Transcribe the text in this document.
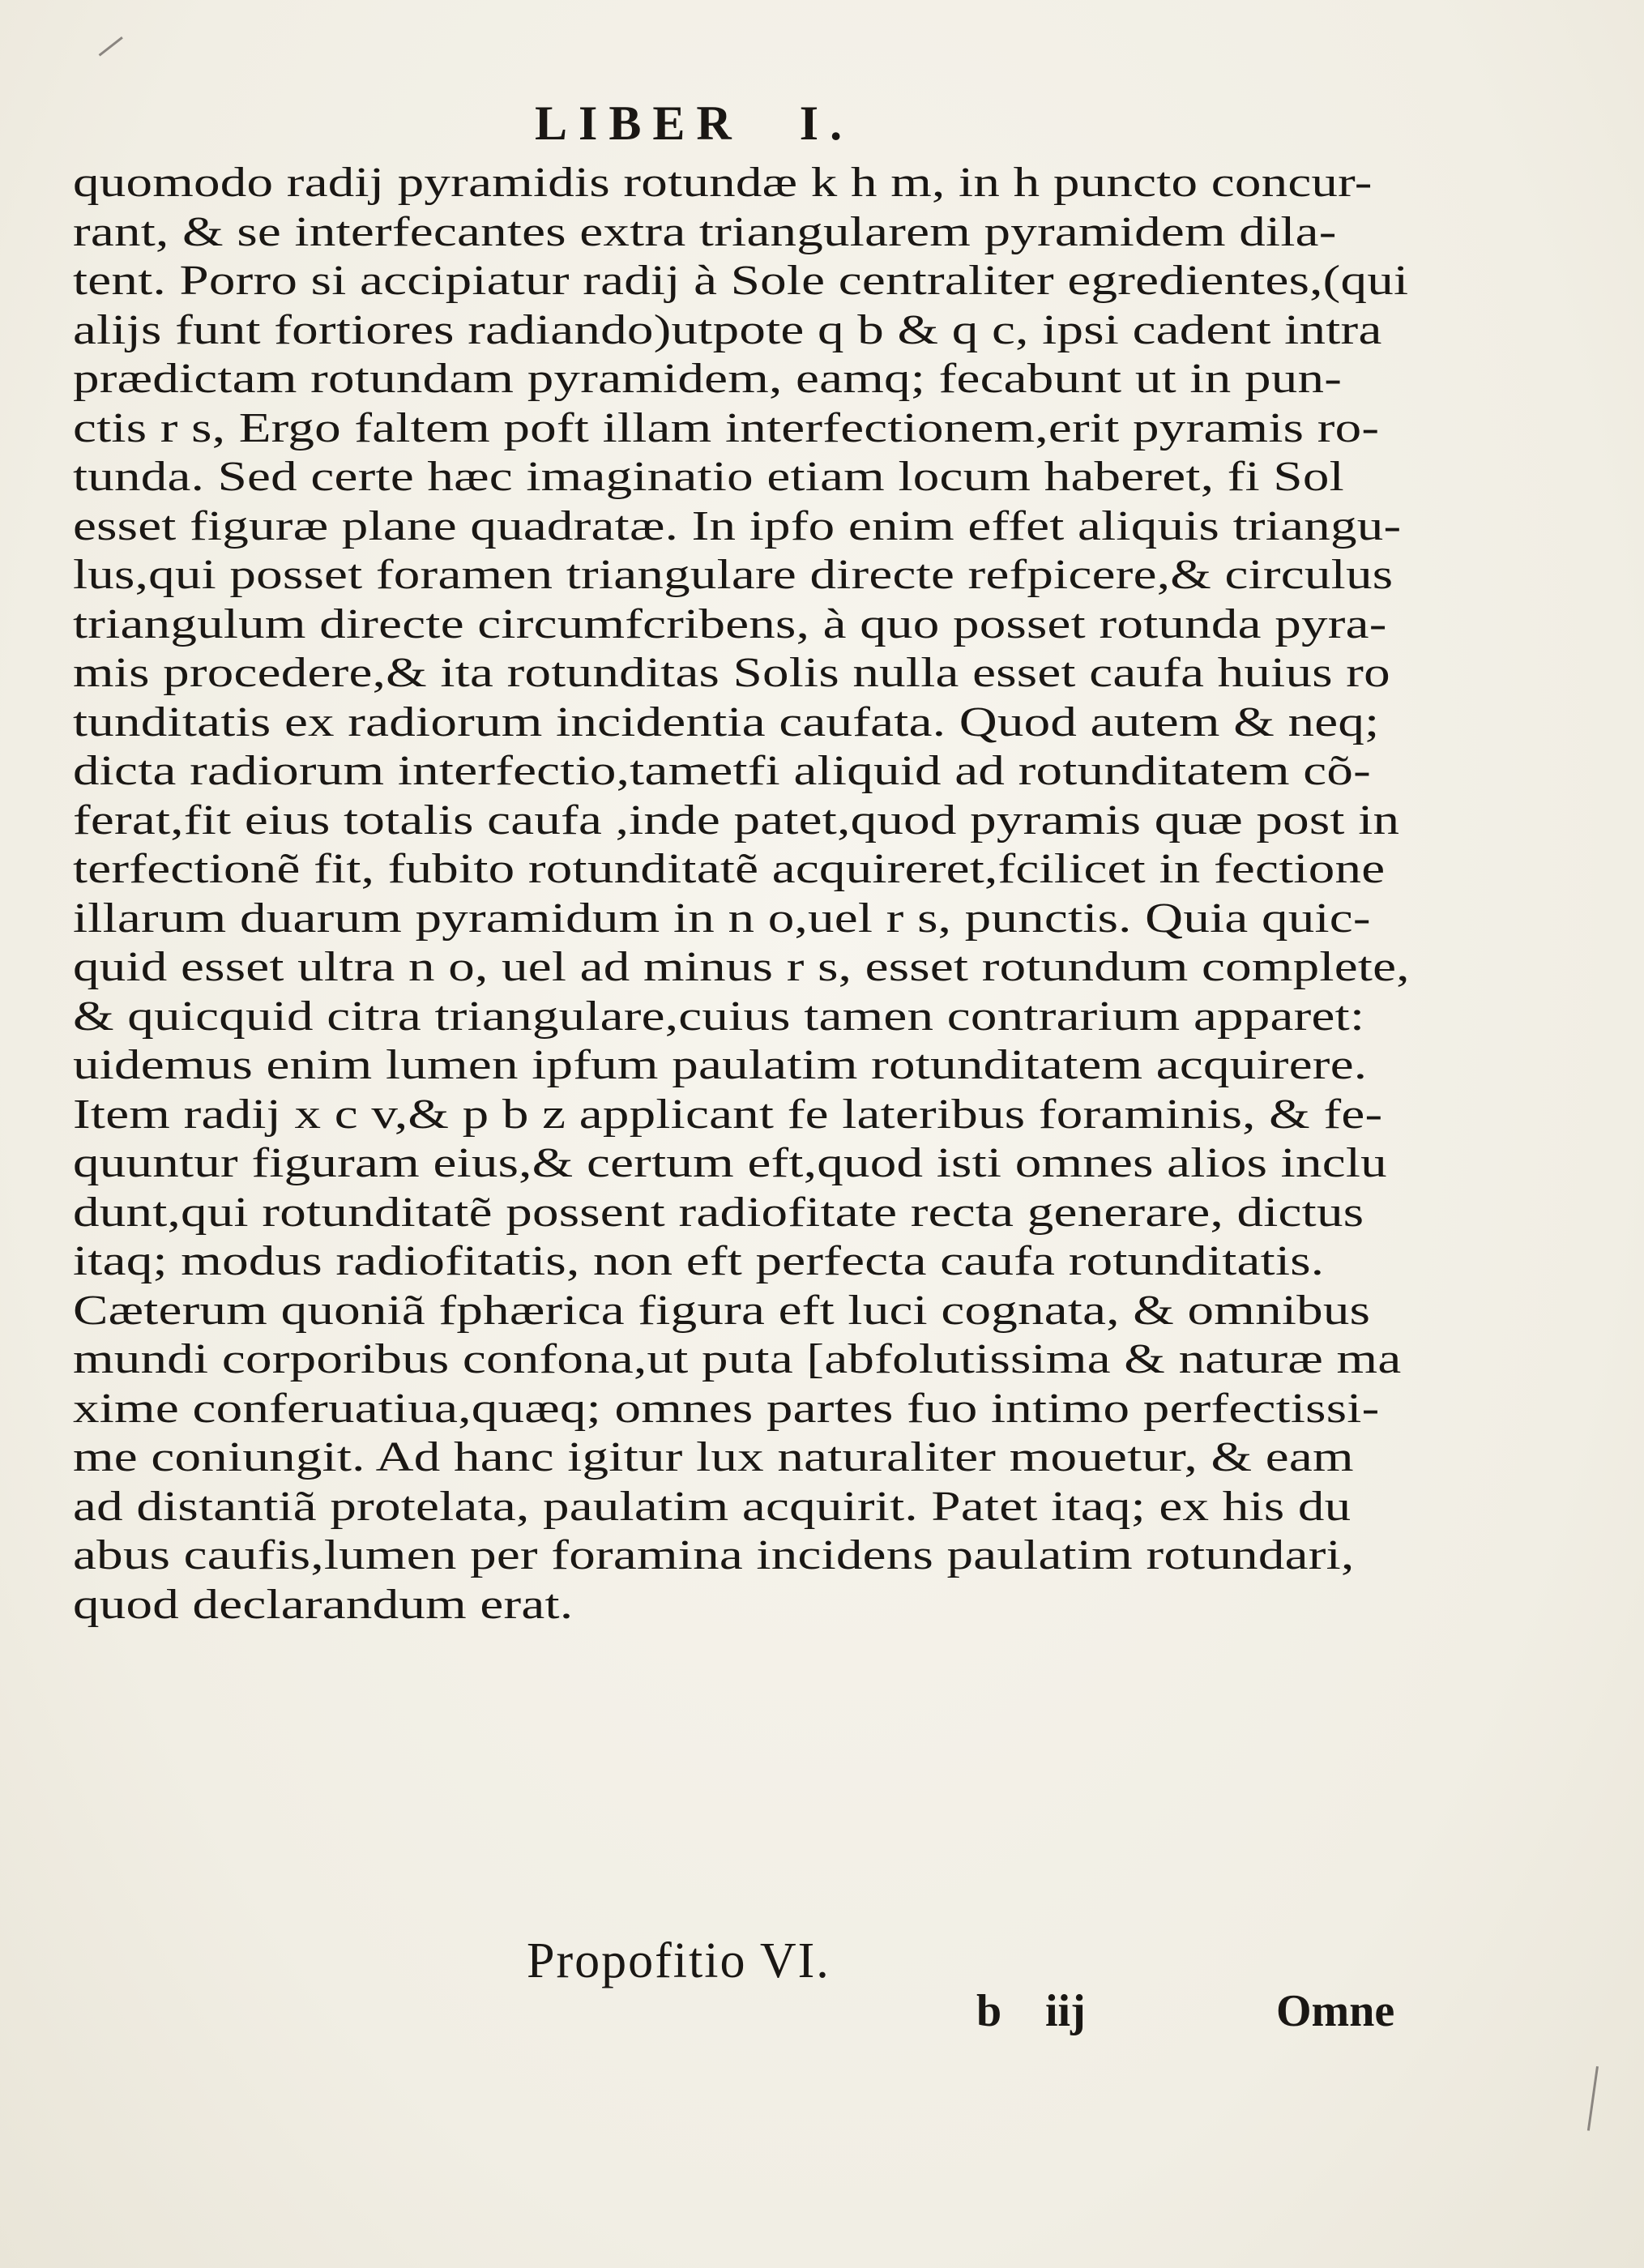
LIBER I.
quomodo radij pyramidis rotundæ k h m, in h puncto concur-
rant, & se interfecantes extra triangularem pyramidem dila-
tent. Porro si accipiatur radij à Sole centraliter egredientes,(qui
alijs funt fortiores radiando)utpote q b & q c, ipsi cadent intra
prædictam rotundam pyramidem, eamq; fecabunt ut in pun-
ctis r s, Ergo faltem poft illam interfectionem,erit pyramis ro-
tunda. Sed certe hæc imaginatio etiam locum haberet, fi Sol
esset figuræ plane quadratæ. In ipfo enim effet aliquis triangu-
lus,qui posset foramen triangulare directe refpicere,& circulus
triangulum directe circumfcribens, à quo posset rotunda pyra-
mis procedere,& ita rotunditas Solis nulla esset caufa huius ro
tunditatis ex radiorum incidentia caufata. Quod autem & neq;
dicta radiorum interfectio,tametfi aliquid ad rotunditatem cõ-
ferat,fit eius totalis caufa ,inde patet,quod pyramis quæ post in
terfectionẽ fit, fubito rotunditatẽ acquireret,fcilicet in fectione
illarum duarum pyramidum in n o,uel r s, punctis. Quia quic-
quid esset ultra n o, uel ad minus r s, esset rotundum complete,
& quicquid citra triangulare,cuius tamen contrarium apparet:
uidemus enim lumen ipfum paulatim rotunditatem acquirere.
Item radij x c v,& p b z applicant fe lateribus foraminis, & fe-
quuntur figuram eius,& certum eft,quod isti omnes alios inclu
dunt,qui rotunditatẽ possent radiofitate recta generare, dictus
itaq; modus radiofitatis, non eft perfecta caufa rotunditatis.
Cæterum quoniã fphærica figura eft luci cognata, & omnibus
mundi corporibus confona,ut puta [abfolutissima & naturæ ma
xime conferuatiua,quæq; omnes partes fuo intimo perfectissi-
me coniungit. Ad hanc igitur lux naturaliter mouetur, & eam
ad distantiã protelata, paulatim acquirit. Patet itaq; ex his du
abus caufis,lumen per foramina incidens paulatim rotundari,
quod declarandum erat.
Propofitio VI.
b iij	Omne
